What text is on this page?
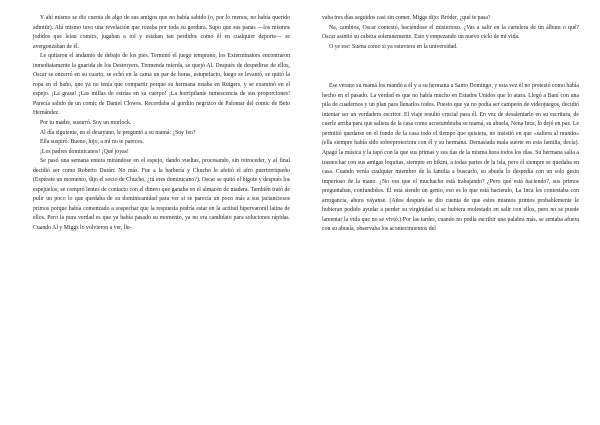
Y ahí mismo se dio cuenta de algo de sus amigos que no había sabido (o, por lo menos, no había querido admitir). Ahí mismo tuvo una revelación que rozaba por toda su gordura. Supo que sus panas —los mismos jodidos que leían comics, jugaban a rol y estaban tan perdidos como él en cualquier deporte— se avergonzaban de él.

Le quitaron el andamio de debajo de los pies. Terminó el juego temprano, los Exterminators encontraron inmediatamente la guarida de los Destroyers. Tremenda mierda, se quejó Al. Después de despedirse de ellos, Oscar se encerró en su cuarto, se echó en la cama un par de horas, estupefacto, luego se levantó, se quitó la ropa en el baño, que ya no tenía que compartir porque su hermana estaba en Rutgers, y se examinó en el espejo. ¡La grasa! ¡Las millas de estrías en su cuerpo! ¡La horripilante tumescencia de sus proporciones! Parecía salido de un comic de Daniel Clowes. Recordaba al gordito negrizco de Palomar del comic de Beto Hernández.

Por tu madre, susurró. Soy un morlock.

Al día siguiente, en el desayuno, le preguntó a su mamá: ¿Soy feo?

Ella suspiró. Bueno, hijo, a mí no te pareces.

¡Los padres dominicanos! ¡Qué joyas!

Se pasó una semana entera mirándose en el espejo, dando vueltas, procesando, sin retroceder, y al final decidió ser como Roberto Durán: No más. Fue a la barbería y Chucho le afeitó el afro puertorriqueño (Espérate un momento, dijo el socio de Chucho, ¿tú eres dominicano?). Oscar se quitó el bigote y después los espejuelos; se compró lentes de contacto con el dinero que ganaba en el almacén de madera. También trató de pulir un poco lo que quedaba de su dominicanidad para ver si se parecía un poco más a sus jactanciosos primos porque había comenzado a sospechar que la respuesta podría estar en la actitud hipervaronil latina de ellos. Pero la pura verdad es que ya había pasado su momento, ya no era candidato para soluciones rápidas. Cuando Al y Miggs lo volvieron a ver, lle-

vaba tres días seguidos casi sin comer. Miggs dijo: Bróder, ¿qué te pasa?

Na, cambios, Oscar contestó, haciéndose el misterioso. ¿Vas a salir en la cartelera de un álbum o qué? Oscar asintió su cabeza solemnemente. Esto y empezando un nuevo ciclo de mi vida.

O ye ese: Suena como si ya estuviera en la universidad.

Ese verano su mamá los mandó a él y a su hermana a Santo Domingo, y esta vez él no protestó como había hecho en el pasado. La verdad es que no había mucho en Estados Unidos que lo atara. Llegó a Baní con una pila de cuadernos y un plan para llenarlos todos. Puesto que ya no podía ser campeón de videojuegos, decidió intentar ser un verdadero escritor. El viaje resultó crucial para él. En vez de desalentarlo en su escritura, de cuerle arriba para que saliera de la casa como acostumbraba su mamá, su abuela, Nena Inca, lo dejó en paz. Le permitió quedarse en el fondo de la casa todo el tiempo que quisiera, no insistió en que «saliera al mundo» (ella siempre había sido sobreprotectora con él y su hermana. Demasiada mala suerte en esta familia, decía). Apagó la música y la tapó con la que sus primas y sus tías de la misma hora todos los días. Su hermana salía a trasnochar con sus amigas loquitas, siempre en bikini, a todas partes de la isla, pero él siempre se quedaba en casa. Cuando venía cualquier miembro de la familia a buscarlo, su abuela lo despedía con un solo gesto imperioso de la mano. ¿No ves que el muchacho está trabajando? ¿Pero qué está haciendo?, sus primos preguntaban, confundidos. Él está siendo un genio, eso es lo que está haciendo, La Inca les contestaba con arrogancia, ahora váyanse. (Años después se dio cuenta de que estos mismos primos probablemente le hubieran podido ayudar a perder su virginidad si se hubiera molestado en salir con ellos, pero no se puede lamentar la vida que no se vivió.) Por las tardes, cuando no podía escribir una palabra más, se sentaba afuera con su abuela, observaba los acontecimientos del
